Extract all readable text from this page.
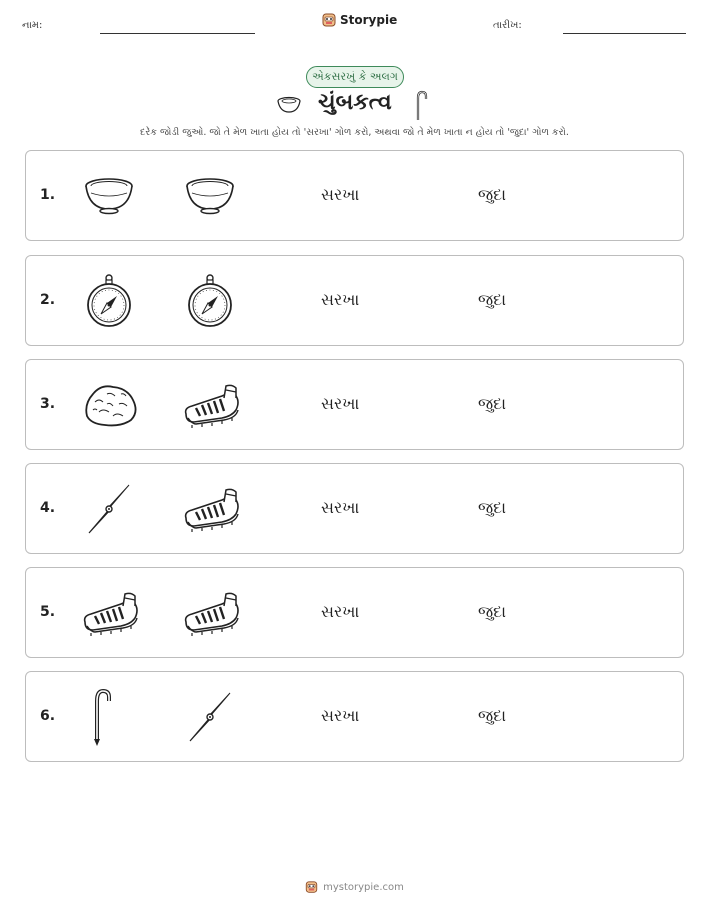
નામ:	Storypie	તારીખ:
એકસરખું કે અલગ
ચુંબકત્વ
દરેક જોડી જુઓ. જો તે મેળ ખાતા હોય તો 'સરખા' ગોળ કરો, અથવા જો તે મેળ ખાતા ન હોય તો 'જુદા' ગોળ કરો.
1.	સરખા	જુદા
2.	સરખા	જુદા
3.	સરખા	જુદા
4.	સરખા	જુદા
5.	સરખા	જુદા
6.	સરખા	જુદા
mystorypie.com
